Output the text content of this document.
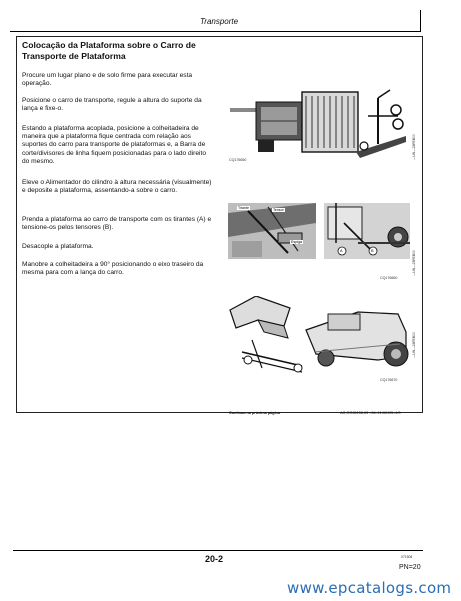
Transporte
Colocação da Plataforma sobre o Carro de Transporte de Plataforma
Procure um lugar plano e de solo firme para executar esta operação.
Posicione o carro de transporte, regule a altura do suporte da lança e fixe-o.
Estando a plataforma acoplada, posicione a colheitadeira de maneira que a plataforma fique centrada com relação aos suportes do carro para transporte de plataformas e, a Barra de corte/divisores de linha fiquem posicionadas para o lado direito do mesmo.
Eleve o Alimentador do cilindro à altura necessária (visualmente) e deposite a plataforma, assentando-a sobre o carro.
Prenda a plataforma ao carro de transporte com os tirantes (A) e tensione-os pelos tensores (B).
Desacople a plataforma.
Manobre a colheitadeira a 90° posicionando o eixo traseiro da mesma para com a lança do carro.
CQ176650	—UN—28FEB00
Tirante	Tensor
Espiga
A	B
CQ176660
—UN—28FEB00
CQ176670
—UN—28FEB00
Continua na próxima página	AG,GG65158,63 –54–11JAN05–1/3
20-2	071508
PN=20
www.epcatalogs.com
